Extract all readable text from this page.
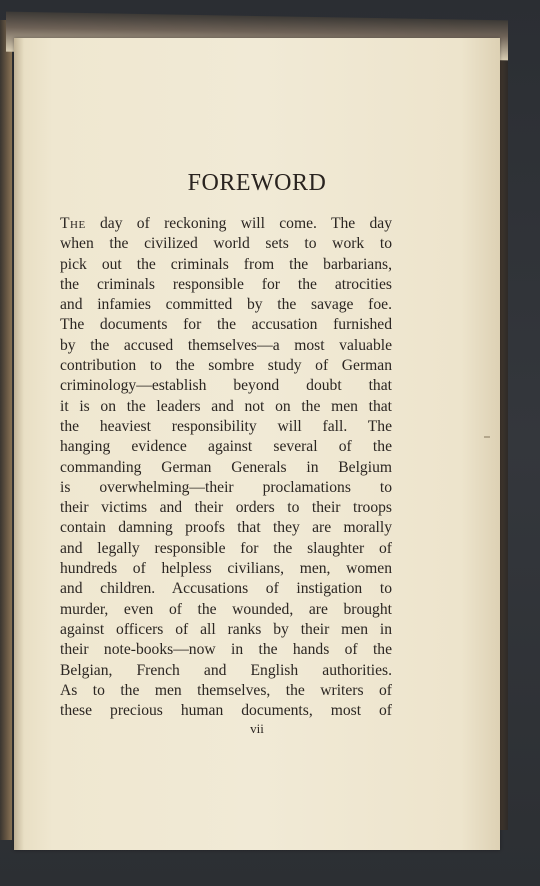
FOREWORD
The day of reckoning will come. The day
when the civilized world sets to work to
pick out the criminals from the barbarians,
the criminals responsible for the atrocities
and infamies committed by the savage foe.
The documents for the accusation furnished
by the accused themselves—a most valuable
contribution to the sombre study of German
criminology—establish beyond doubt that
it is on the leaders and not on the men that
the heaviest responsibility will fall. The
hanging evidence against several of the
commanding German Generals in Belgium
is overwhelming—their proclamations to
their victims and their orders to their troops
contain damning proofs that they are morally
and legally responsible for the slaughter of
hundreds of helpless civilians, men, women
and children. Accusations of instigation to
murder, even of the wounded, are brought
against officers of all ranks by their men in
their note-books—now in the hands of the
Belgian, French and English authorities.
As to the men themselves, the writers of
these precious human documents, most of
vii
